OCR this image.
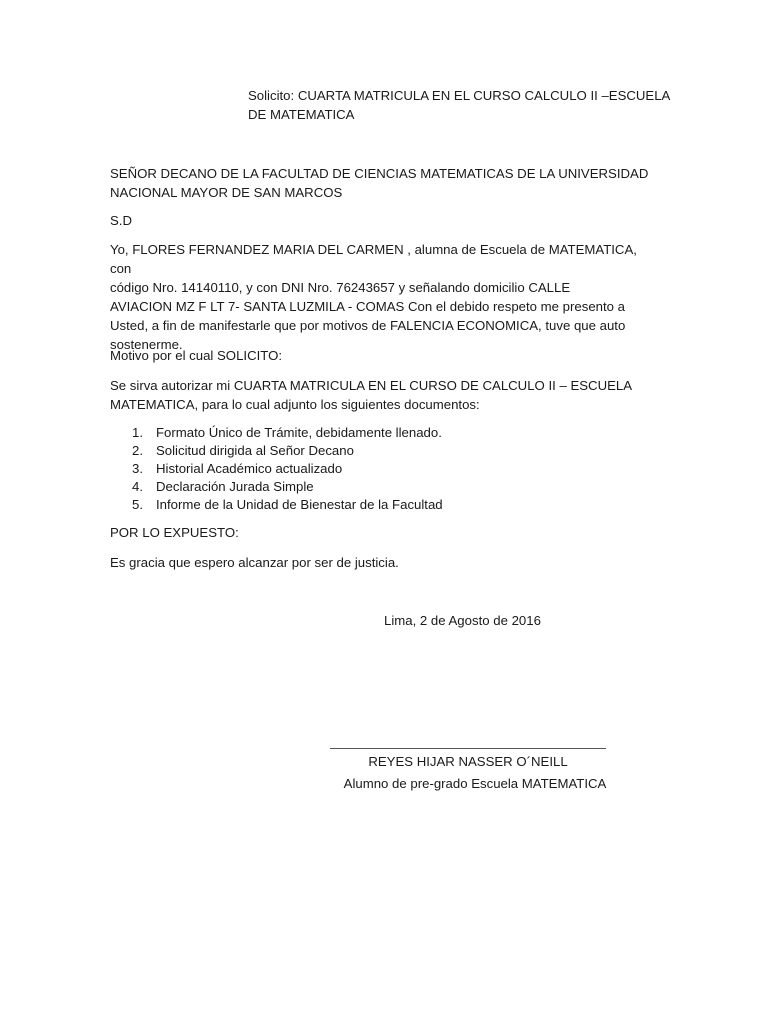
Solicito: CUARTA MATRICULA EN EL CURSO CALCULO II –ESCUELA
DE MATEMATICA
SEÑOR DECANO DE LA FACULTAD DE CIENCIAS MATEMATICAS DE LA UNIVERSIDAD
NACIONAL MAYOR DE SAN MARCOS
S.D
Yo, FLORES FERNANDEZ MARIA DEL CARMEN , alumna de Escuela de MATEMATICA, con
código Nro. 14140110, y con DNI Nro. 76243657 y señalando domicilio CALLE
AVIACION MZ F LT 7- SANTA LUZMILA - COMAS Con el debido respeto me presento a
Usted, a fin de manifestarle que por motivos de FALENCIA ECONOMICA, tuve que auto
sostenerme.
Motivo por el cual SOLICITO:
Se sirva autorizar mi CUARTA MATRICULA EN EL CURSO DE CALCULO II – ESCUELA
MATEMATICA, para lo cual adjunto los siguientes documentos:
1. Formato Único de Trámite, debidamente llenado.
2. Solicitud dirigida al Señor Decano
3. Historial Académico actualizado
4. Declaración Jurada Simple
5. Informe de la Unidad de Bienestar de la Facultad
POR LO EXPUESTO:
Es gracia que espero alcanzar por ser de justicia.
Lima, 2 de Agosto de 2016
REYES HIJAR NASSER O´NEILL
Alumno de pre-grado Escuela MATEMATICA
